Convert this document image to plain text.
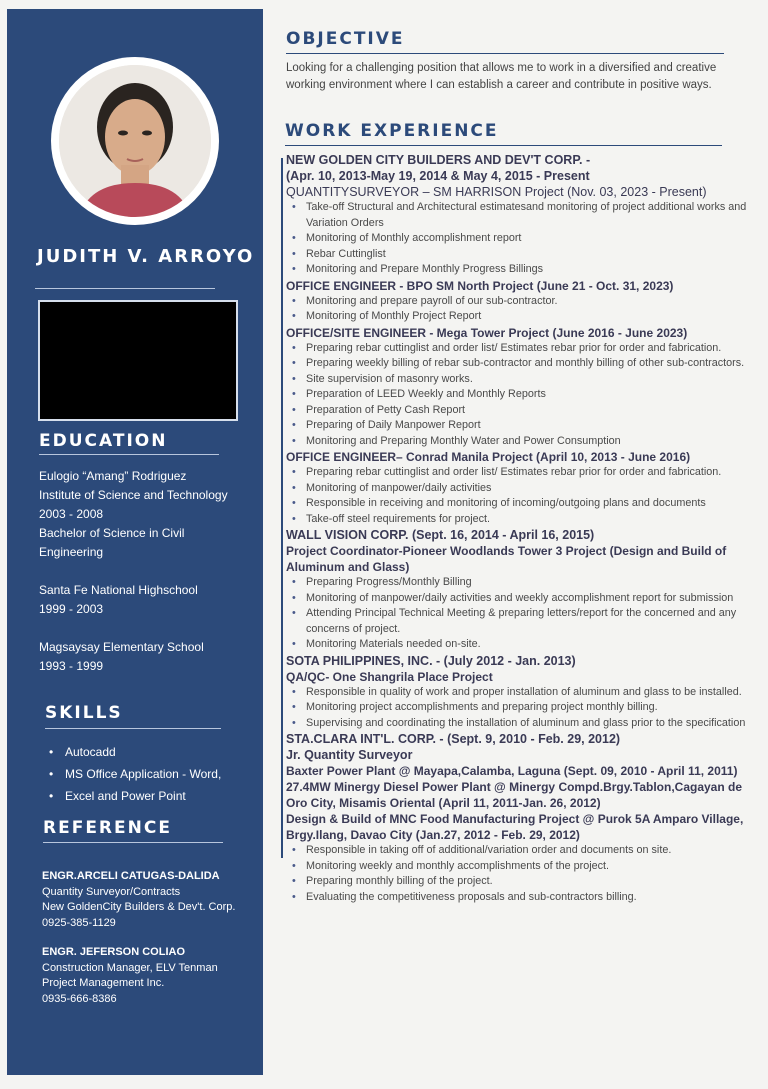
JUDITH V. ARROYO
EDUCATION
Eulogio “Amang” Rodriguez
Institute of Science and Technology
2003 - 2008
Bachelor of Science in Civil
Engineering
Santa Fe National Highschool
1999 - 2003
Magsaysay Elementary School
1993 - 1999
SKILLS
• Autocadd
• MS Office Application - Word,
• Excel and Power Point
REFERENCE
ENGR.ARCELI CATUGAS-DALIDA
Quantity Surveyor/Contracts
New GoldenCity Builders & Dev't. Corp.
0925-385-1129
ENGR. JEFERSON COLIAO
Construction Manager, ELV Tenman
Project Management Inc.
0935-666-8386
OBJECTIVE
Looking for a challenging position that allows me to work in a diversified and creative working environment where I can establish a career and contribute in positive ways.
WORK EXPERIENCE
NEW GOLDEN CITY BUILDERS AND DEV'T CORP. -
(Apr. 10, 2013-May 19, 2014 & May 4, 2015 - Present
QUANTITYSURVEYOR – SM HARRISON Project (Nov. 03, 2023 - Present)
• Take-off Structural and Architectural estimatesand monitoring of project additional works and Variation Orders
• Monitoring of Monthly accomplishment report
• Rebar Cuttinglist
• Monitoring and Prepare Monthly Progress Billings
OFFICE ENGINEER - BPO SM North Project (June 21 - Oct. 31, 2023)
• Monitoring and prepare payroll of our sub-contractor.
• Monitoring of Monthly Project Report
OFFICE/SITE ENGINEER - Mega Tower Project (June 2016 - June 2023)
• Preparing rebar cuttinglist and order list/ Estimates rebar prior for order and fabrication.
• Preparing weekly billing of rebar sub-contractor and monthly billing of other sub-contractors.
• Site supervision of masonry works.
• Preparation of LEED Weekly and Monthly Reports
• Preparation of Petty Cash Report
• Preparing of Daily Manpower Report
• Monitoring and Preparing Monthly Water and Power Consumption
OFFICE ENGINEER– Conrad Manila Project (April 10, 2013 - June 2016)
• Preparing rebar cuttinglist and order list/ Estimates rebar prior for order and fabrication.
• Monitoring of manpower/daily activities
• Responsible in receiving and monitoring of incoming/outgoing plans and documents
• Take-off steel requirements for project.
WALL VISION CORP. (Sept. 16, 2014 - April 16, 2015)
Project Coordinator-Pioneer Woodlands Tower 3 Project (Design and Build of Aluminum and Glass)
• Preparing Progress/Monthly Billing
• Monitoring of manpower/daily activities and weekly accomplishment report for submission
• Attending Principal Technical Meeting & preparing letters/report for the concerned and any concerns of project.
• Monitoring Materials needed on-site.
SOTA PHILIPPINES, INC. - (July 2012 - Jan. 2013)
QA/QC- One Shangrila Place Project
• Responsible in quality of work and proper installation of aluminum and glass to be installed.
• Monitoring project accomplishments and preparing project monthly billing.
• Supervising and coordinating the installation of aluminum and glass prior to the specification
STA.CLARA INT'L. CORP. - (Sept. 9, 2010 - Feb. 29, 2012)
Jr. Quantity Surveyor
Baxter Power Plant @ Mayapa,Calamba, Laguna (Sept. 09, 2010 - April 11, 2011)
27.4MW Minergy Diesel Power Plant @ Minergy Compd.Brgy.Tablon,Cagayan de Oro City, Misamis Oriental (April 11, 2011-Jan. 26, 2012)
Design & Build of MNC Food Manufacturing Project @ Purok 5A Amparo Village, Brgy.Ilang, Davao City (Jan.27, 2012 - Feb. 29, 2012)
• Responsible in taking off of additional/variation order and documents on site.
• Monitoring weekly and monthly accomplishments of the project.
• Preparing monthly billing of the project.
• Evaluating the competitiveness proposals and sub-contractors billing.
